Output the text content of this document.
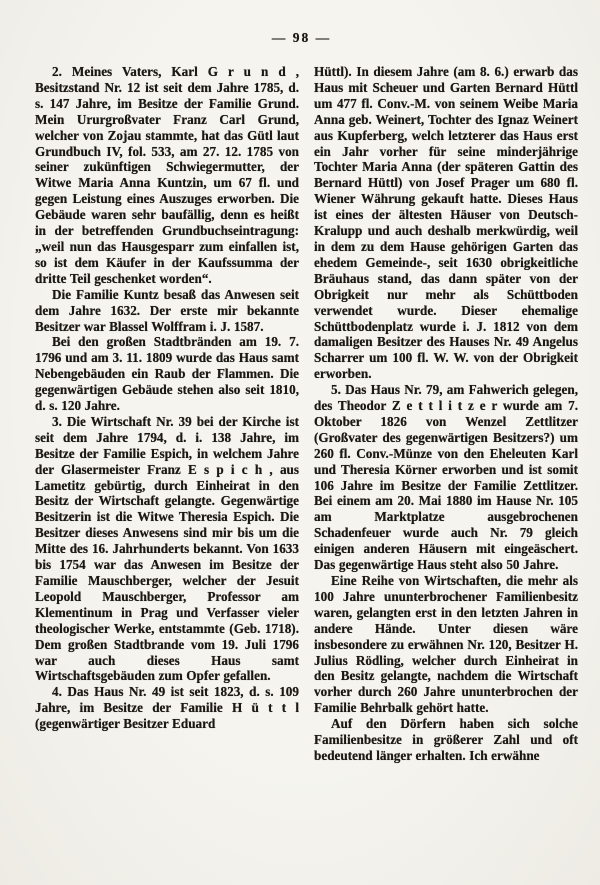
— 98 —

2. Meines Vaters, Karl G r u n d , Besitzstand Nr. 12 ist seit dem Jahre 1785, d. s. 147 Jahre, im Besitze der Familie Grund. Mein Ururgroßvater Franz Carl Grund, welcher von Zojau stammte, hat das Gütl laut Grundbuch IV, fol. 533, am 27. 12. 1785 von seiner zukünftigen Schwiegermutter, der Witwe Maria Anna Kuntzin, um 67 fl. und gegen Leistung eines Auszuges erworben. Die Gebäude waren sehr baufällig, denn es heißt in der betreffenden Grundbuchseintragung: „weil nun das Hausgesparr zum einfallen ist, so ist dem Käufer in der Kaufssumma der dritte Teil geschenket worden“.

Die Familie Kuntz besaß das Anwesen seit dem Jahre 1632. Der erste mir bekannte Besitzer war Blassel Wolffram i. J. 1587.

Bei den großen Stadtbränden am 19. 7. 1796 und am 3. 11. 1809 wurde das Haus samt Nebengebäuden ein Raub der Flammen. Die gegenwärtigen Gebäude stehen also seit 1810, d. s. 120 Jahre.

3. Die Wirtschaft Nr. 39 bei der Kirche ist seit dem Jahre 1794, d. i. 138 Jahre, im Besitze der Familie Espich, in welchem Jahre der Glasermeister Franz E s p i c h , aus Lametitz gebürtig, durch Einheirat in den Besitz der Wirtschaft gelangte. Gegenwärtige Besitzerin ist die Witwe Theresia Espich. Die Besitzer dieses Anwesens sind mir bis um die Mitte des 16. Jahrhunderts bekannt. Von 1633 bis 1754 war das Anwesen im Besitze der Familie Mauschberger, welcher der Jesuit Leopold Mauschberger, Professor am Klementinum in Prag und Verfasser vieler theologischer Werke, entstammte (Geb. 1718). Dem großen Stadtbrande vom 19. Juli 1796 war auch dieses Haus samt Wirtschaftsgebäuden zum Opfer gefallen.

4. Das Haus Nr. 49 ist seit 1823, d. s. 109 Jahre, im Besitze der Familie H ü t t l (gegenwärtiger Besitzer Eduard

Hüttl). In diesem Jahre (am 8. 6.) erwarb das Haus mit Scheuer und Garten Bernard Hüttl um 477 fl. Conv.-M. von seinem Weibe Maria Anna geb. Weinert, Tochter des Ignaz Weinert aus Kupferberg, welch letzterer das Haus erst ein Jahr vorher für seine minderjährige Tochter Maria Anna (der späteren Gattin des Bernard Hüttl) von Josef Prager um 680 fl. Wiener Währung gekauft hatte. Dieses Haus ist eines der ältesten Häuser von Deutsch-Kralupp und auch deshalb merkwürdig, weil in dem zu dem Hause gehörigen Garten das ehedem Gemeinde-, seit 1630 obrigkeitliche Bräuhaus stand, das dann später von der Obrigkeit nur mehr als Schüttboden verwendet wurde. Dieser ehemalige Schüttbodenplatz wurde i. J. 1812 von dem damaligen Besitzer des Hauses Nr. 49 Angelus Scharrer um 100 fl. W. W. von der Obrigkeit erworben.

5. Das Haus Nr. 79, am Fahwerich gelegen, des Theodor Z e t t l i t z e r wurde am 7. Oktober 1826 von Wenzel Zettlitzer (Großvater des gegenwärtigen Besitzers?) um 260 fl. Conv.-Münze von den Eheleuten Karl und Theresia Körner erworben und ist somit 106 Jahre im Besitze der Familie Zettlitzer. Bei einem am 20. Mai 1880 im Hause Nr. 105 am Marktplatze ausgebrochenen Schadenfeuer wurde auch Nr. 79 gleich einigen anderen Häusern mit eingeäschert. Das gegenwärtige Haus steht also 50 Jahre.

Eine Reihe von Wirtschaften, die mehr als 100 Jahre ununterbrochener Familienbesitz waren, gelangten erst in den letzten Jahren in andere Hände. Unter diesen wäre insbesondere zu erwähnen Nr. 120, Besitzer H. Julius Rödling, welcher durch Einheirat in den Besitz gelangte, nachdem die Wirtschaft vorher durch 260 Jahre ununterbrochen der Familie Behrbalk gehört hatte.

Auf den Dörfern haben sich solche Familienbesitze in größerer Zahl und oft bedeutend länger erhalten. Ich erwähne
